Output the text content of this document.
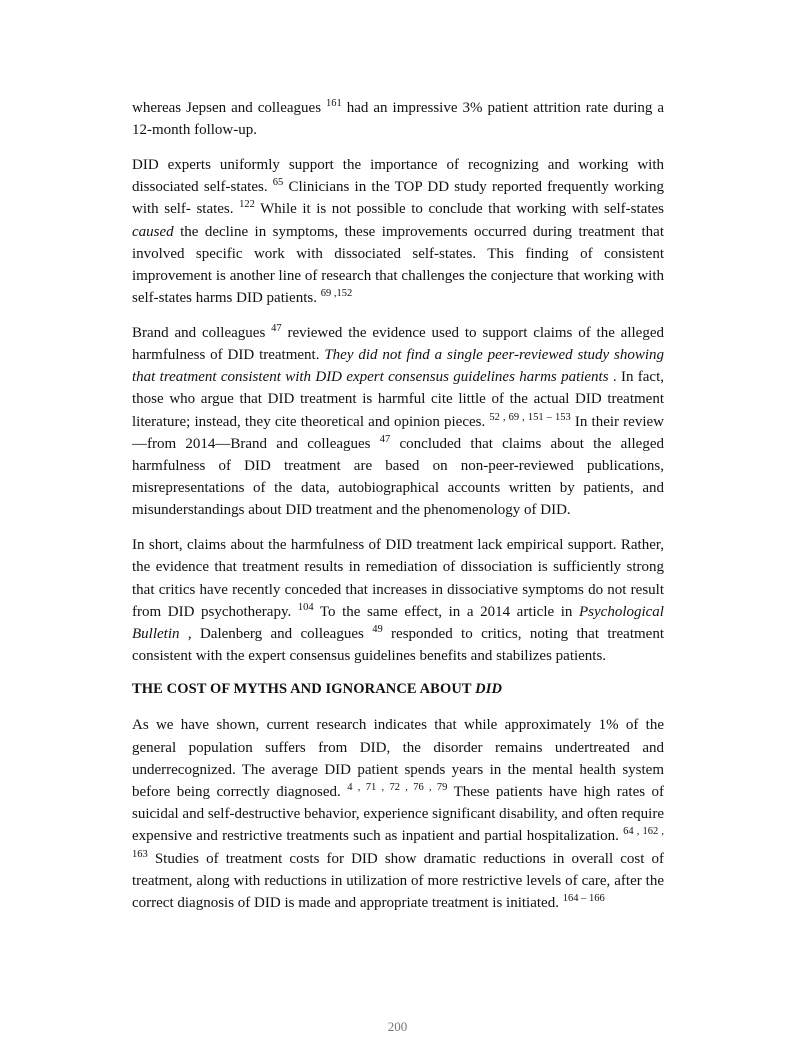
whereas Jepsen and colleagues $^{161}$ had an impressive 3% patient attrition rate during a 12-month follow-up.

DID experts uniformly support the importance of recognizing and working with dissociated self-states. $^{65}$ Clinicians in the TOP DD study reported frequently working with self- states. $^{122}$ While it is not possible to conclude that working with self-states caused the decline in symptoms, these improvements occurred during treatment that involved specific work with dissociated self-states. This finding of consistent improvement is another line of research that challenges the conjecture that working with self-states harms DID patients. $^{69 ,152}$

Brand and colleagues $^{47}$ reviewed the evidence used to support claims of the alleged harmfulness of DID treatment. They did not find a single peer-reviewed study showing that treatment consistent with DID expert consensus guidelines harms patients . In fact, those who argue that DID treatment is harmful cite little of the actual DID treatment literature; instead, they cite theoretical and opinion pieces. $^{52 , 69 , 151 - 153}$ In their review—from 2014—Brand and colleagues $^{47}$ concluded that claims about the alleged harmfulness of DID treatment are based on non-peer-reviewed publications, misrepresentations of the data, autobiographical accounts written by patients, and misunderstandings about DID treatment and the phenomenology of DID.

In short, claims about the harmfulness of DID treatment lack empirical support. Rather, the evidence that treatment results in remediation of dissociation is sufficiently strong that critics have recently conceded that increases in dissociative symptoms do not result from DID psychotherapy. $^{104}$ To the same effect, in a 2014 article in Psychological Bulletin , Dalenberg and colleagues $^{49}$ responded to critics, noting that treatment consistent with the expert consensus guidelines benefits and stabilizes patients.

THE COST OF MYTHS AND IGNORANCE ABOUT DID

As we have shown, current research indicates that while approximately 1% of the general population suffers from DID, the disorder remains undertreated and underrecognized. The average DID patient spends years in the mental health system before being correctly diagnosed. $^{4 , 71 , 72 , 76 , 79}$ These patients have high rates of suicidal and self-destructive behavior, experience significant disability, and often require expensive and restrictive treatments such as inpatient and partial hospitalization. $^{64 , 162 , 163}$ Studies of treatment costs for DID show dramatic reductions in overall cost of treatment, along with reductions in utilization of more restrictive levels of care, after the correct diagnosis of DID is made and appropriate treatment is initiated. $^{164 - 166}$

200
